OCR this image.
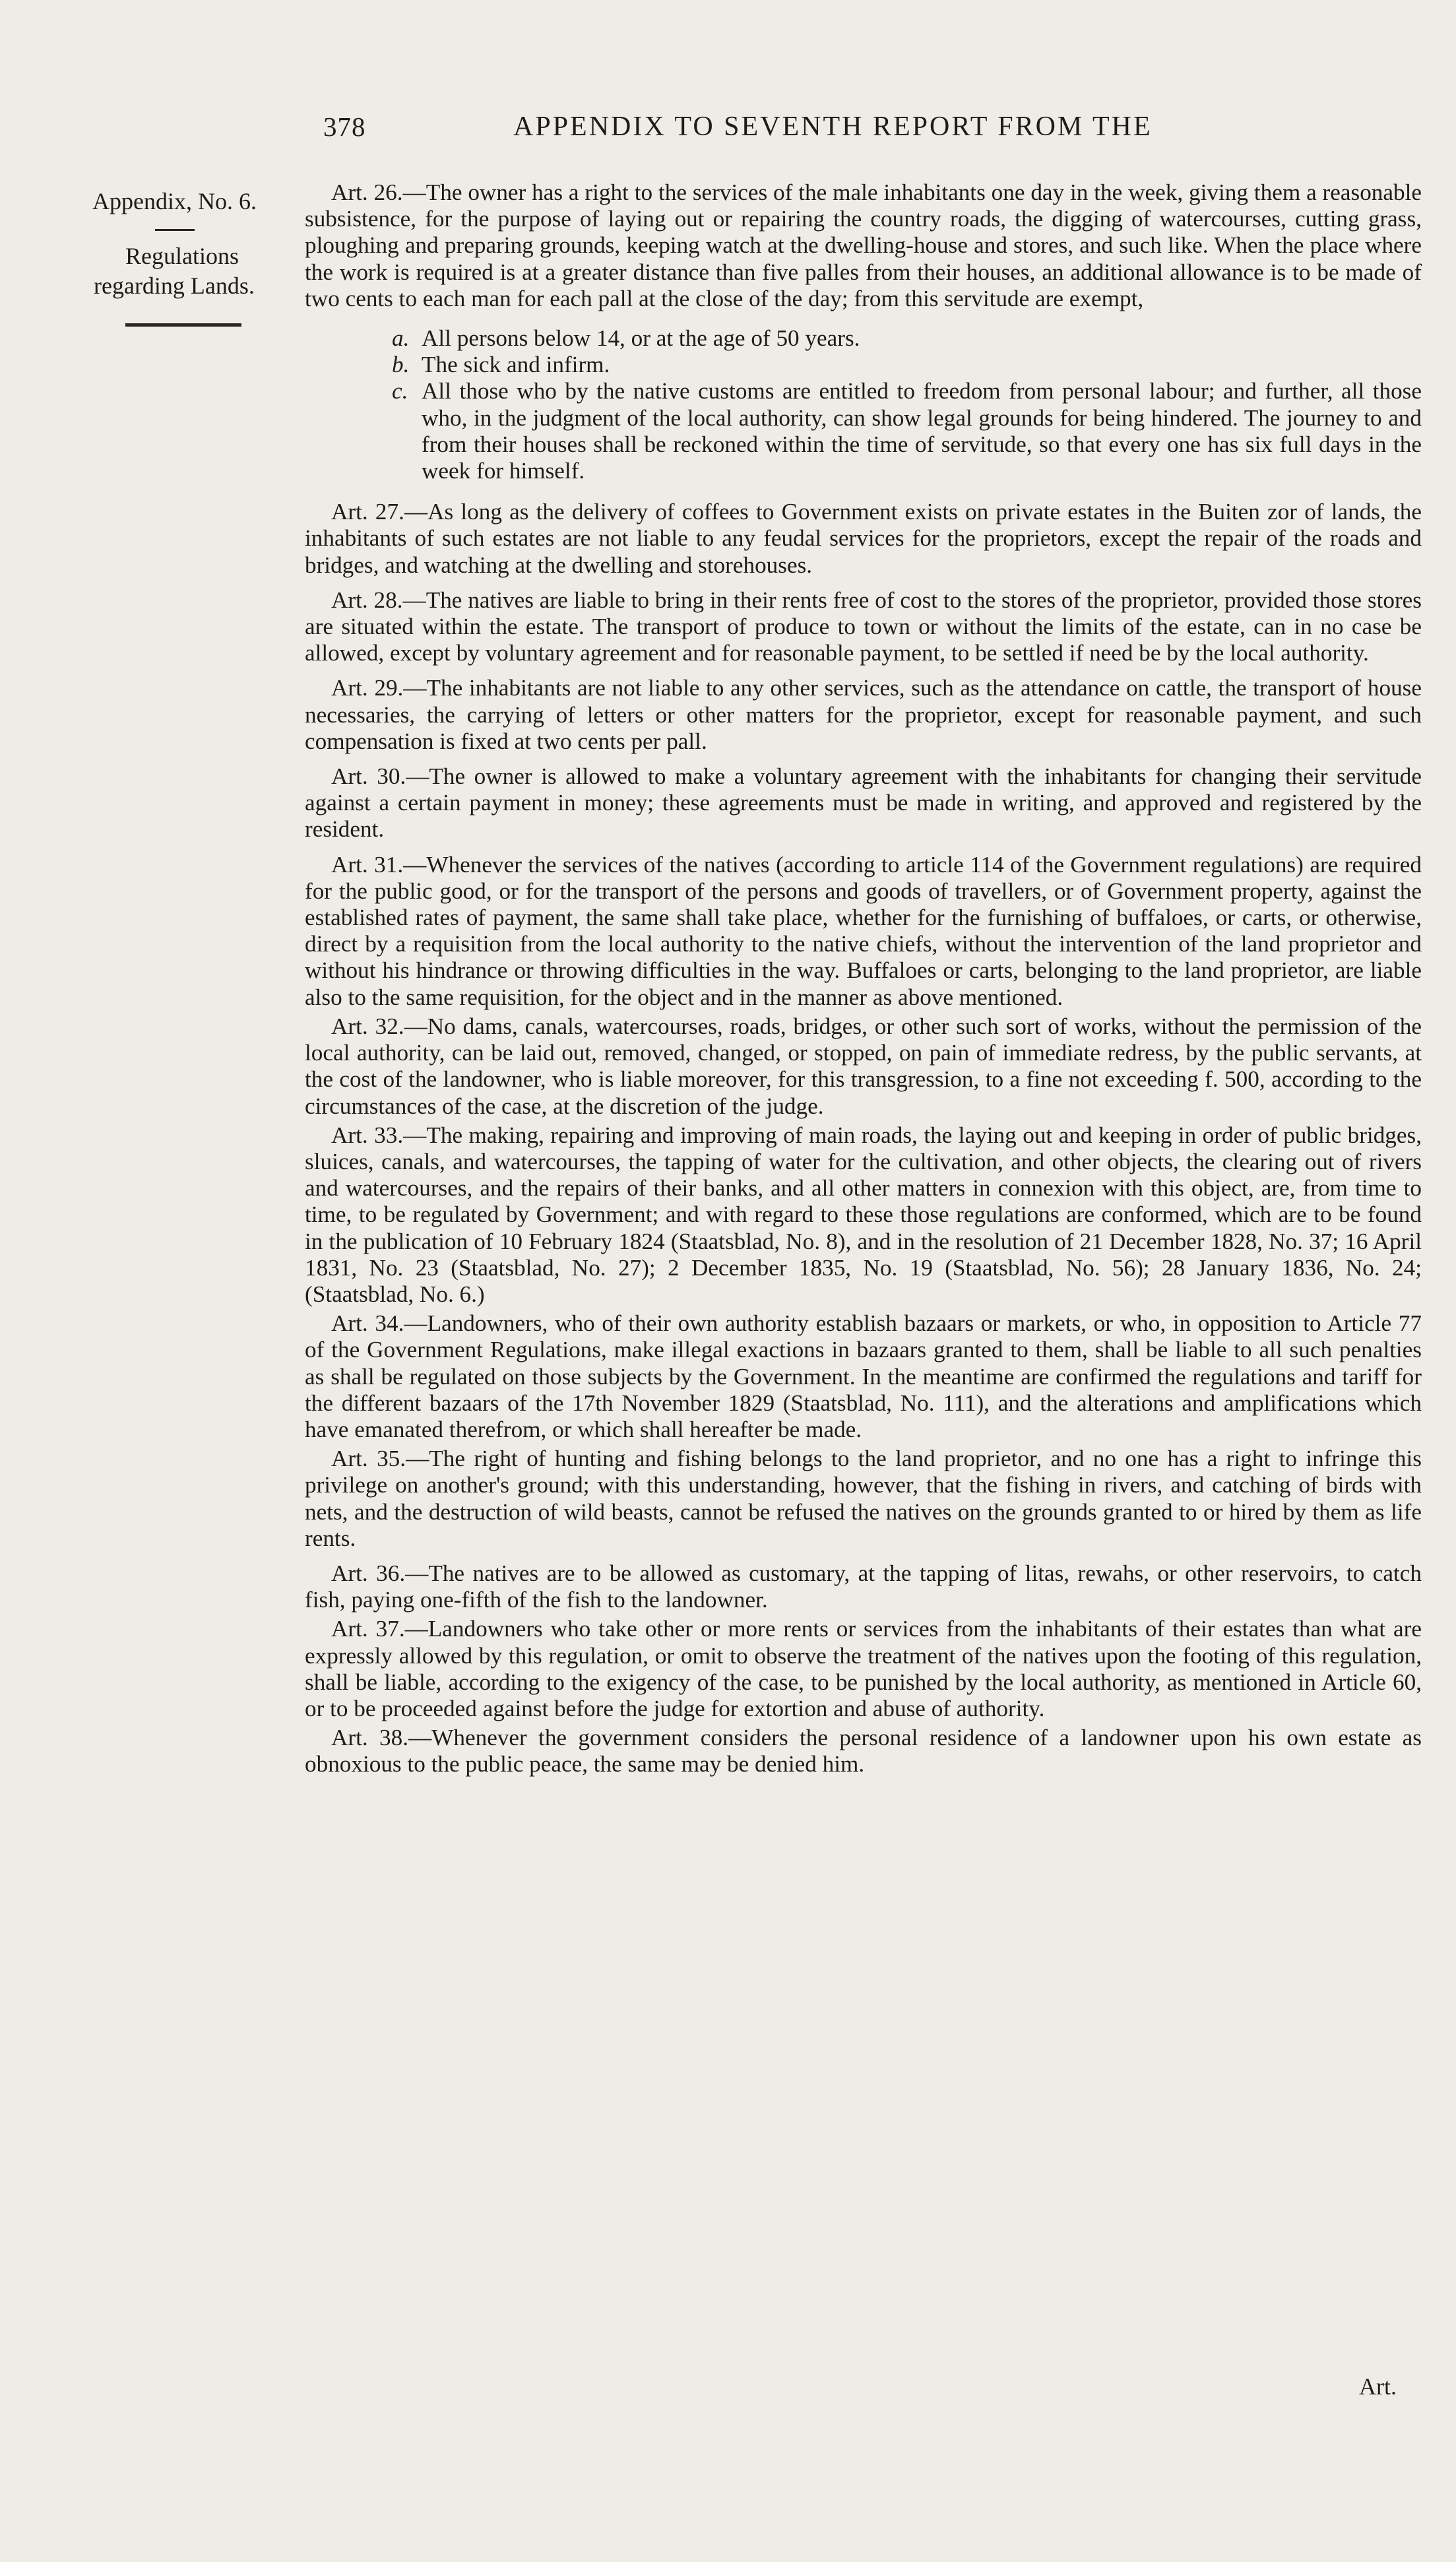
378	APPENDIX TO SEVENTH REPORT FROM THE
Appendix, No. 6.
Regulations
regarding Lands.

Art. 26.—The owner has a right to the services of the male inhabitants one day in the week, giving them a reasonable subsistence, for the purpose of laying out or repairing the country roads, the digging of watercourses, cutting grass, ploughing and preparing grounds, keeping watch at the dwelling-house and stores, and such like. When the place where the work is required is at a greater distance than five palles from their houses, an additional allowance is to be made of two cents to each man for each pall at the close of the day; from this servitude are exempt,

a. All persons below 14, or at the age of 50 years.
b. The sick and infirm.
c. All those who by the native customs are entitled to freedom from personal labour; and further, all those who, in the judgment of the local authority, can show legal grounds for being hindered. The journey to and from their houses shall be reckoned within the time of servitude, so that every one has six full days in the week for himself.

Art. 27.—As long as the delivery of coffees to Government exists on private estates in the Buiten zor of lands, the inhabitants of such estates are not liable to any feudal services for the proprietors, except the repair of the roads and bridges, and watching at the dwelling and storehouses.

Art. 28.—The natives are liable to bring in their rents free of cost to the stores of the proprietor, provided those stores are situated within the estate. The transport of produce to town or without the limits of the estate, can in no case be allowed, except by voluntary agreement and for reasonable payment, to be settled if need be by the local authority.

Art. 29.—The inhabitants are not liable to any other services, such as the attendance on cattle, the transport of house necessaries, the carrying of letters or other matters for the proprietor, except for reasonable payment, and such compensation is fixed at two cents per pall.

Art. 30.—The owner is allowed to make a voluntary agreement with the inhabitants for changing their servitude against a certain payment in money; these agreements must be made in writing, and approved and registered by the resident.

Art. 31.—Whenever the services of the natives (according to article 114 of the Government regulations) are required for the public good, or for the transport of the persons and goods of travellers, or of Government property, against the established rates of payment, the same shall take place, whether for the furnishing of buffaloes, or carts, or otherwise, direct by a requisition from the local authority to the native chiefs, without the intervention of the land proprietor and without his hindrance or throwing difficulties in the way. Buffaloes or carts, belonging to the land proprietor, are liable also to the same requisition, for the object and in the manner as above mentioned.

Art. 32.—No dams, canals, watercourses, roads, bridges, or other such sort of works, without the permission of the local authority, can be laid out, removed, changed, or stopped, on pain of immediate redress, by the public servants, at the cost of the landowner, who is liable moreover, for this transgression, to a fine not exceeding f. 500, according to the circumstances of the case, at the discretion of the judge.

Art. 33.—The making, repairing and improving of main roads, the laying out and keeping in order of public bridges, sluices, canals, and watercourses, the tapping of water for the cultivation, and other objects, the clearing out of rivers and watercourses, and the repairs of their banks, and all other matters in connexion with this object, are, from time to time, to be regulated by Government; and with regard to these those regulations are conformed, which are to be found in the publication of 10 February 1824 (Staatsblad, No. 8), and in the resolution of 21 December 1828, No. 37; 16 April 1831, No. 23 (Staatsblad, No. 27); 2 December 1835, No. 19 (Staatsblad, No. 56); 28 January 1836, No. 24; (Staatsblad, No. 6.)

Art. 34.—Landowners, who of their own authority establish bazaars or markets, or who, in opposition to Article 77 of the Government Regulations, make illegal exactions in bazaars granted to them, shall be liable to all such penalties as shall be regulated on those subjects by the Government. In the meantime are confirmed the regulations and tariff for the different bazaars of the 17th November 1829 (Staatsblad, No. 111), and the alterations and amplifications which have emanated therefrom, or which shall hereafter be made.

Art. 35.—The right of hunting and fishing belongs to the land proprietor, and no one has a right to infringe this privilege on another's ground; with this understanding, however, that the fishing in rivers, and catching of birds with nets, and the destruction of wild beasts, cannot be refused the natives on the grounds granted to or hired by them as life rents.

Art. 36.—The natives are to be allowed as customary, at the tapping of litas, rewahs, or other reservoirs, to catch fish, paying one-fifth of the fish to the landowner.

Art. 37.—Landowners who take other or more rents or services from the inhabitants of their estates than what are expressly allowed by this regulation, or omit to observe the treatment of the natives upon the footing of this regulation, shall be liable, according to the exigency of the case, to be punished by the local authority, as mentioned in Article 60, or to be proceeded against before the judge for extortion and abuse of authority.

Art. 38.—Whenever the government considers the personal residence of a landowner upon his own estate as obnoxious to the public peace, the same may be denied him.

Art.
